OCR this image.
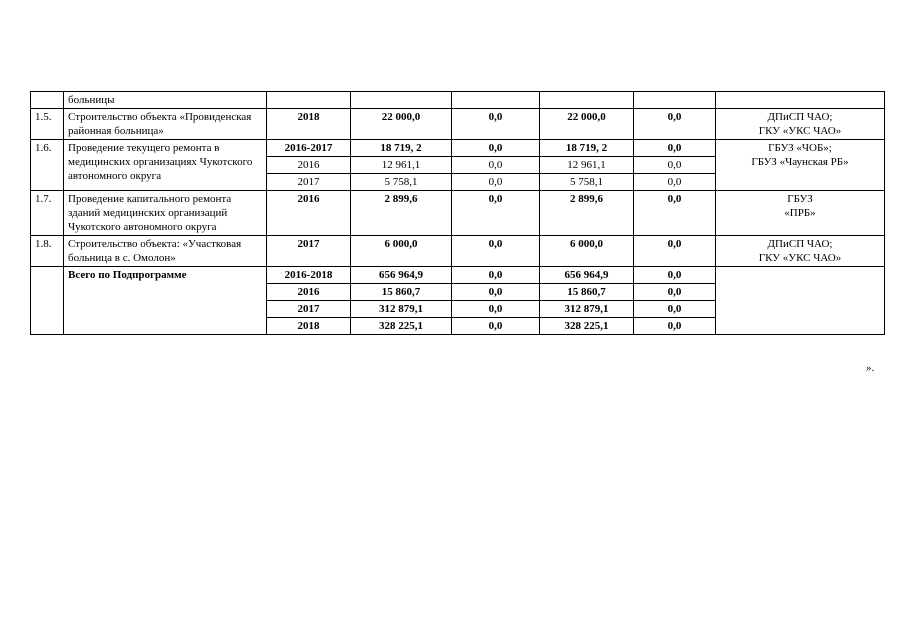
	больницы						
1.5.	Строительство объекта «Провиденская районная больница»	2018	22 000,0	0,0	22 000,0	0,0	ДПиСП ЧАО;
ГКУ «УКС ЧАО»

1.6.	Проведение текущего ремонта в медицинских организациях Чукотского автономного округа	2016-2017	18 719, 2	0,0	18 719, 2	0,0	ГБУЗ «ЧОБ»;
ГБУЗ «Чаунская РБ»

		2016	12 961,1	0,0	12 961,1	0,0	
		2017	5 758,1	0,0	5 758,1	0,0	
1.7.	Проведение капитального ремонта зданий медицинских организаций Чукотского автономного округа	2016	2 899,6	0,0	2 899,6	0,0	ГБУЗ
«ПРБ»

1.8.	Строительство объекта: «Участковая больница в с. Омолон»	2017	6 000,0	0,0	6 000,0	0,0	ДПиСП ЧАО;
ГКУ «УКС ЧАО»

	Всего по Подпрограмме	2016-2018	656 964,9	0,0	656 964,9	0,0	
		2016	15 860,7	0,0	15 860,7	0,0	
		2017	312 879,1	0,0	312 879,1	0,0	
		2018	328 225,1	0,0	328 225,1	0,0	
».
